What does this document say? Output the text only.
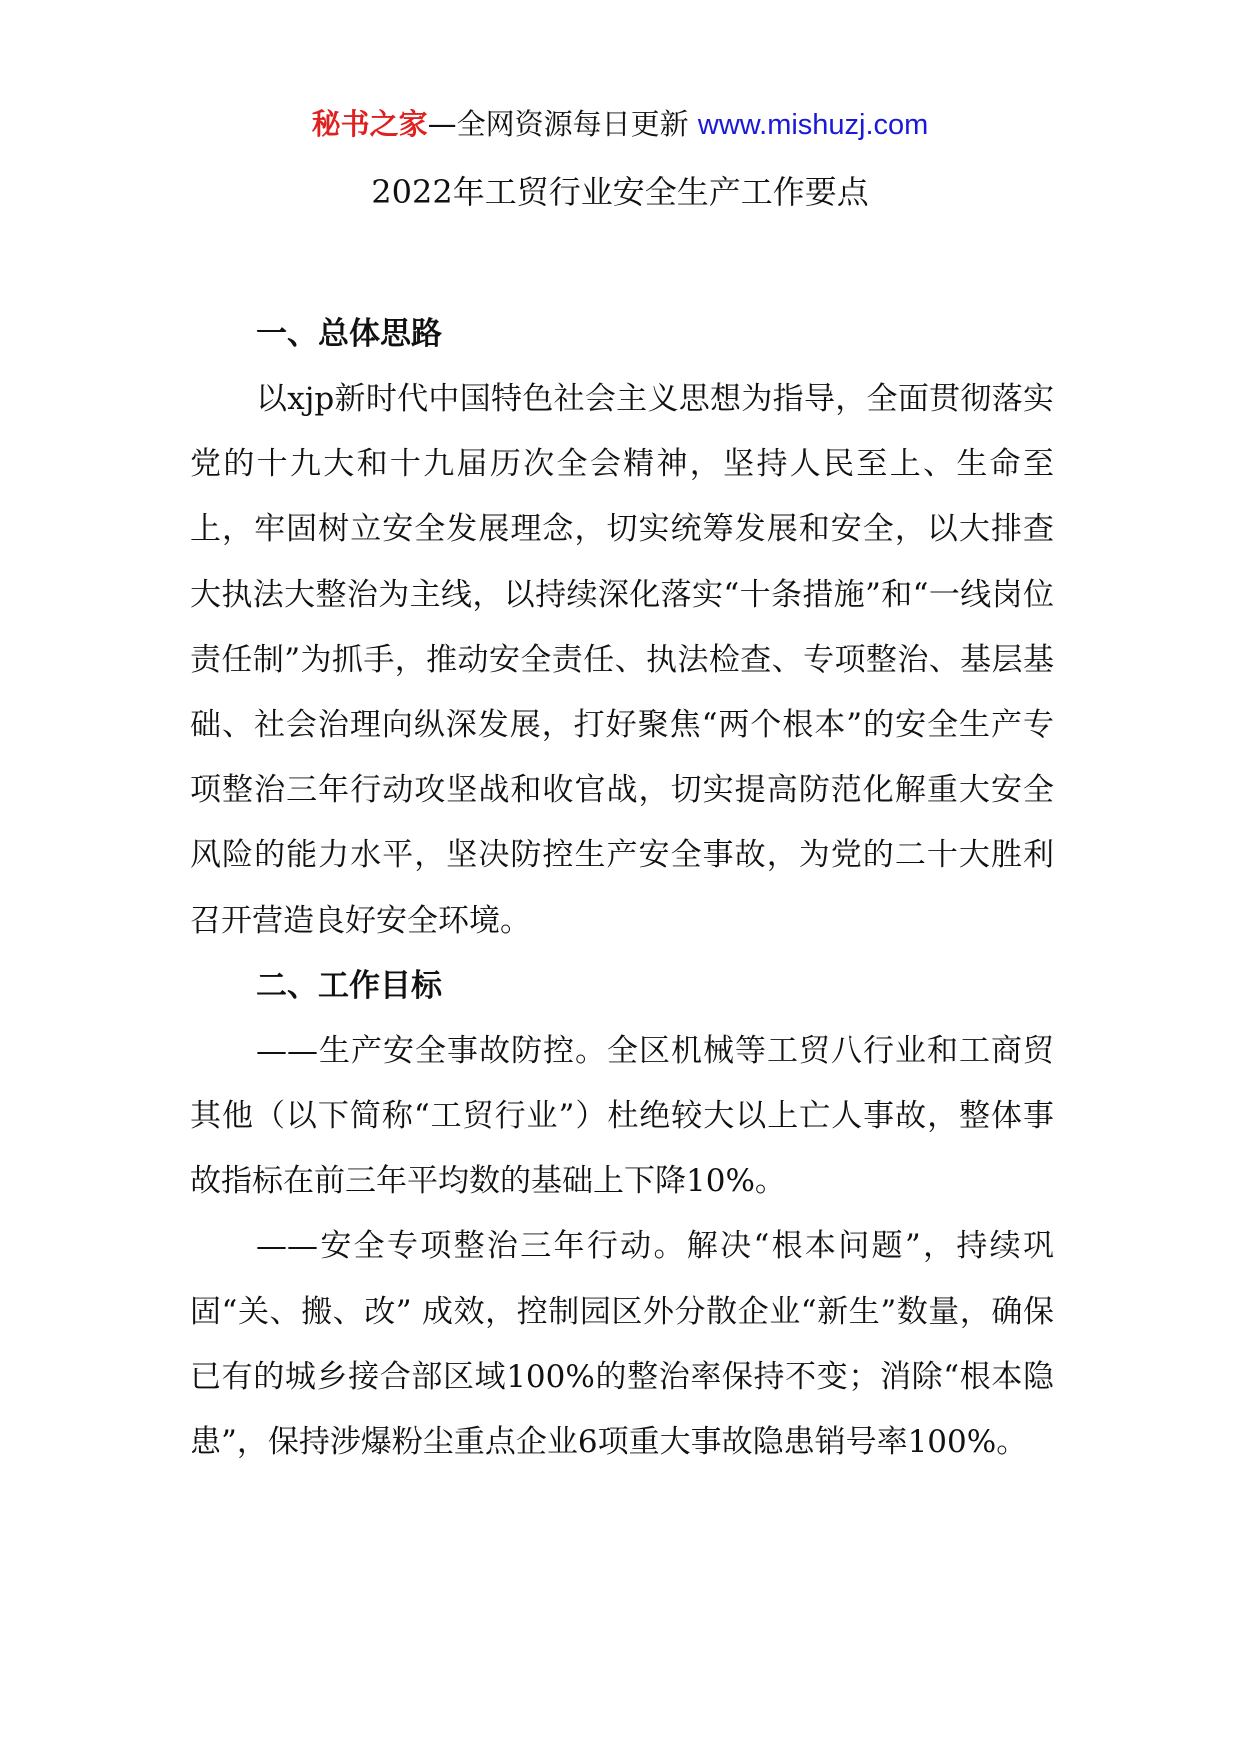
秘书之家—全网资源每日更新 www.mishuzj.com
2022年工贸行业安全生产工作要点
一、总体思路

以xjp新时代中国特色社会主义思想为指导，全面贯彻落实党的十九大和十九届历次全会精神，坚持人民至上、生命至上，牢固树立安全发展理念，切实统筹发展和安全，以大排查大执法大整治为主线，以持续深化落实“十条措施”和“一线岗位责任制”为抓手，推动安全责任、执法检查、专项整治、基层基础、社会治理向纵深发展，打好聚焦“两个根本”的安全生产专项整治三年行动攻坚战和收官战，切实提高防范化解重大安全风险的能力水平，坚决防控生产安全事故，为党的二十大胜利召开营造良好安全环境。

二、工作目标

——生产安全事故防控。全区机械等工贸八行业和工商贸其他（以下简称“工贸行业”）杜绝较大以上亡人事故，整体事故指标在前三年平均数的基础上下降10%。

——安全专项整治三年行动。解决“根本问题”，持续巩固“关、搬、改” 成效，控制园区外分散企业“新生”数量，确保已有的城乡接合部区域100%的整治率保持不变；消除“根本隐患”，保持涉爆粉尘重点企业6项重大事故隐患销号率100%。
